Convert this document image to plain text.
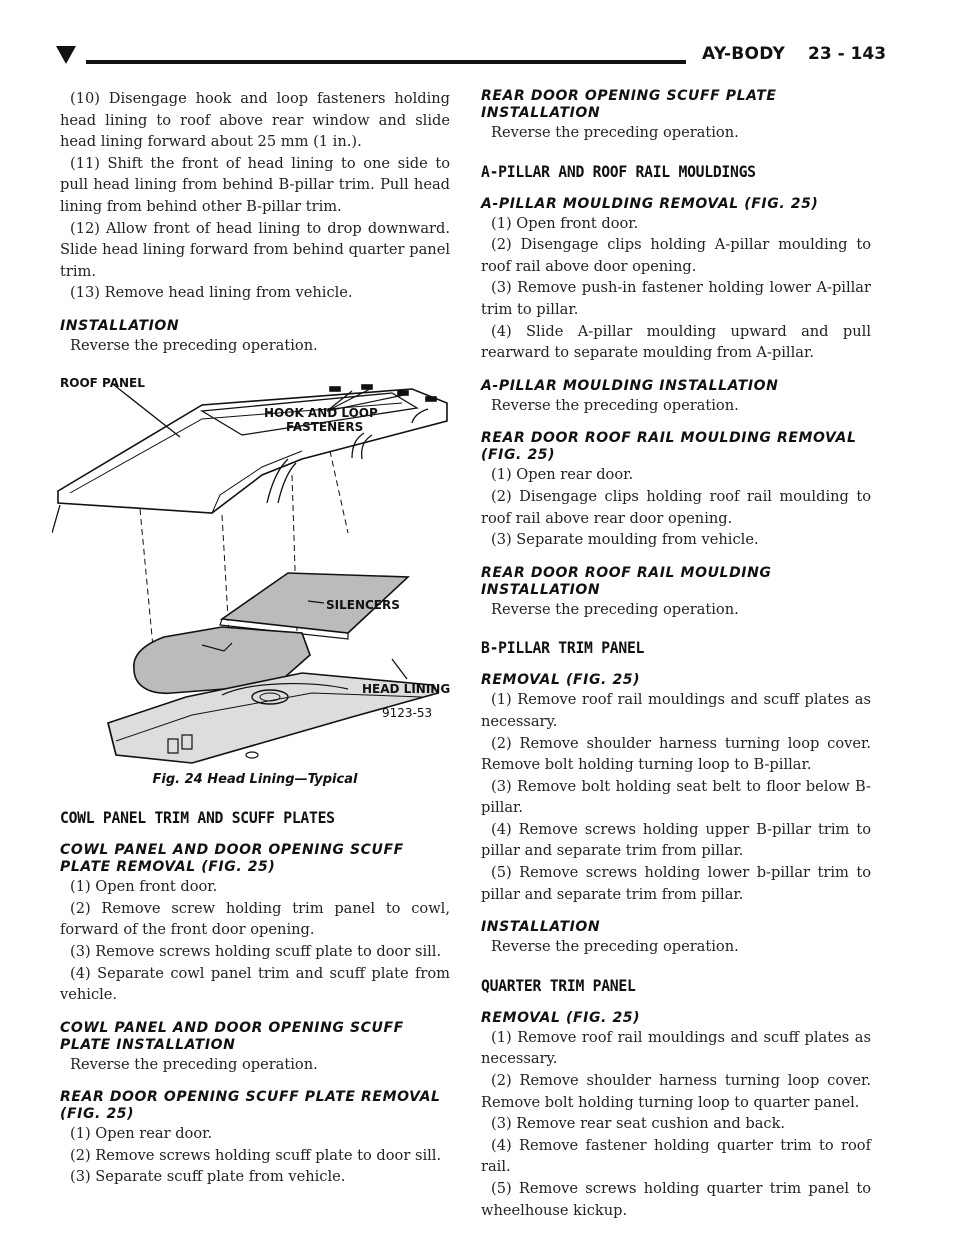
AY-BODY 23 - 143

(10) Disengage hook and loop fasteners holding head lining to roof above rear window and slide head lining forward about 25 mm (1 in.).

(11) Shift the front of head lining to one side to pull head lining from behind B-pillar trim. Pull head lining from behind other B-pillar trim.

(12) Allow front of head lining to drop downward. Slide head lining forward from behind quarter panel trim.

(13) Remove head lining from vehicle.

INSTALLATION

Reverse the preceding operation.

ROOF PANEL
HOOK AND LOOP
FASTENERS
SILENCERS
HEAD LINING
9123-53
Fig. 24 Head Lining—Typical
COWL PANEL TRIM AND SCUFF PLATES
COWL PANEL AND DOOR OPENING SCUFF PLATE REMOVAL (FIG. 25)

(1) Open front door.

(2) Remove screw holding trim panel to cowl, forward of the front door opening.

(3) Remove screws holding scuff plate to door sill.

(4) Separate cowl panel trim and scuff plate from vehicle.

COWL PANEL AND DOOR OPENING SCUFF PLATE INSTALLATION

Reverse the preceding operation.

REAR DOOR OPENING SCUFF PLATE REMOVAL (FIG. 25)

(1) Open rear door.

(2) Remove screws holding scuff plate to door sill.

(3) Separate scuff plate from vehicle.

REAR DOOR OPENING SCUFF PLATE INSTALLATION

Reverse the preceding operation.

A-PILLAR AND ROOF RAIL MOULDINGS
A-PILLAR MOULDING REMOVAL (FIG. 25)

(1) Open front door.

(2) Disengage clips holding A-pillar moulding to roof rail above door opening.

(3) Remove push-in fastener holding lower A-pillar trim to pillar.

(4) Slide A-pillar moulding upward and pull rearward to separate moulding from A-pillar.

A-PILLAR MOULDING INSTALLATION

Reverse the preceding operation.

REAR DOOR ROOF RAIL MOULDING REMOVAL (FIG. 25)

(1) Open rear door.

(2) Disengage clips holding roof rail moulding to roof rail above rear door opening.

(3) Separate moulding from vehicle.

REAR DOOR ROOF RAIL MOULDING INSTALLATION

Reverse the preceding operation.

B-PILLAR TRIM PANEL
REMOVAL (FIG. 25)

(1) Remove roof rail mouldings and scuff plates as necessary.

(2) Remove shoulder harness turning loop cover. Remove bolt holding turning loop to B-pillar.

(3) Remove bolt holding seat belt to floor below B-pillar.

(4) Remove screws holding upper B-pillar trim to pillar and separate trim from pillar.

(5) Remove screws holding lower b-pillar trim to pillar and separate trim from pillar.

INSTALLATION

Reverse the preceding operation.

QUARTER TRIM PANEL
REMOVAL (FIG. 25)

(1) Remove roof rail mouldings and scuff plates as necessary.

(2) Remove shoulder harness turning loop cover. Remove bolt holding turning loop to quarter panel.

(3) Remove rear seat cushion and back.

(4) Remove fastener holding quarter trim to roof rail.

(5) Remove screws holding quarter trim panel to wheelhouse kickup.
